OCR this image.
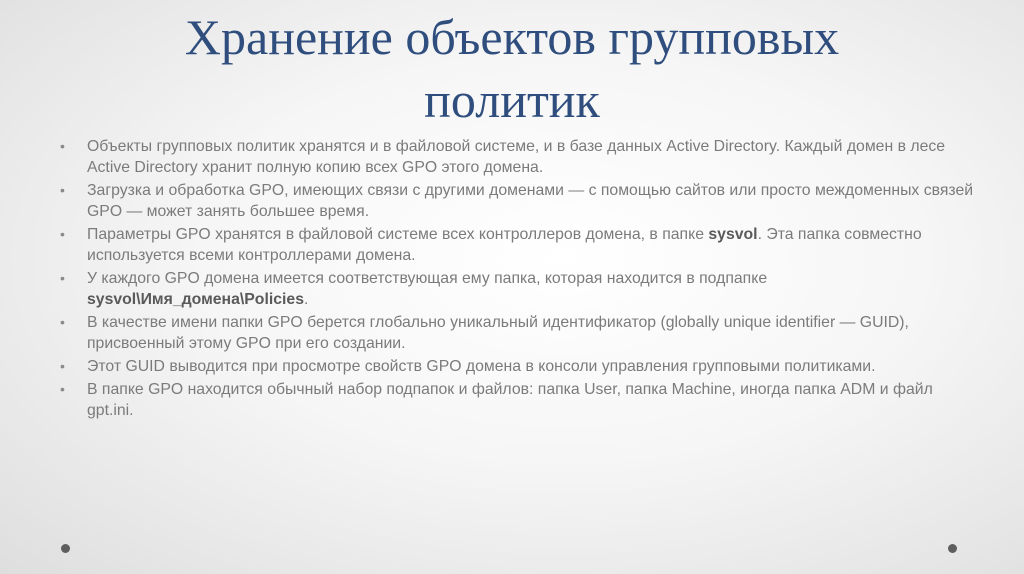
Хранение объектов групповых
политик
• Объекты групповых политик хранятся и в файловой системе, и в базе данных Active Directory. Каждый домен в лесе Active Directory хранит полную копию всех GPO этого домена.
• Загрузка и обработка GPO, имеющих связи с другими доменами — с помощью сайтов или просто междоменных связей GPO — может занять большее время.
• Параметры GPO хранятся в файловой системе всех контроллеров домена, в папке sysvol. Эта папка совместно используется всеми контроллерами домена.
• У каждого GPO домена имеется соответствующая ему папка, которая находится в подпапке sysvol\Имя_домена\Policies.
• В качестве имени папки GPO берется глобально уникальный идентификатор (globally unique identifier — GUID), присвоенный этому GPO при его создании.
• Этот GUID выводится при просмотре свойств GPO домена в консоли управления групповыми политиками.
• В папке GPO находится обычный набор подпапок и файлов: папка User, папка Machine, иногда папка ADM и файл gpt.ini.
